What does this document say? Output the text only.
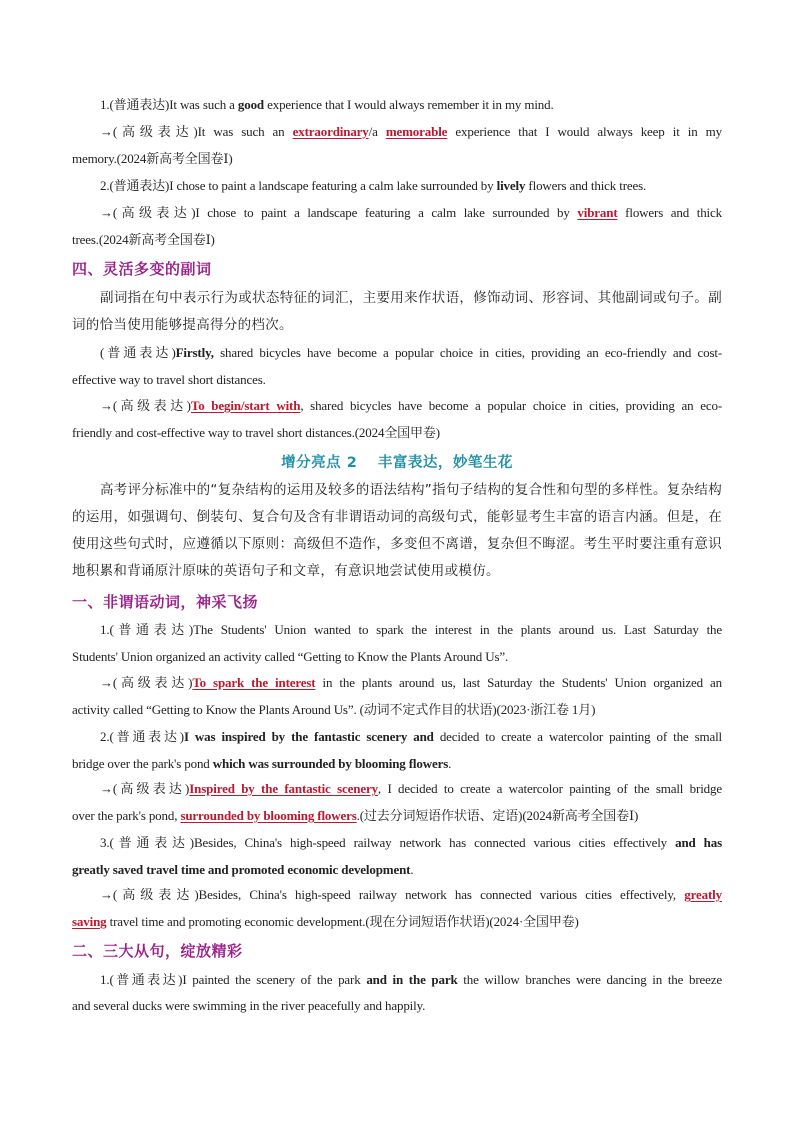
1.(普通表达)It was such a good experience that I would always remember it in my mind.
→(高级表达)It was such an extraordinary/a memorable experience that I would always keep it in my
memory.(2024新高考全国卷Ⅰ)
2.(普通表达)I chose to paint a landscape featuring a calm lake surrounded by lively flowers and thick trees.
→(高级表达)I chose to paint a landscape featuring a calm lake surrounded by vibrant flowers and thick
trees.(2024新高考全国卷Ⅰ)
四、灵活多变的副词
副词指在句中表示行为或状态特征的词汇，主要用来作状语，修饰动词、形容词、其他副词或句子。副词的恰当使用能够提高得分的档次。
(普通表达)Firstly, shared bicycles have become a popular choice in cities, providing an eco-friendly and cost-
effective way to travel short distances.
→(高级表达)To begin/start with, shared bicycles have become a popular choice in cities, providing an eco-
friendly and cost-effective way to travel short distances.(2024全国甲卷)
增分亮点 2　 丰富表达，妙笔生花
高考评分标准中的“复杂结构的运用及较多的语法结构”指句子结构的复合性和句型的多样性。复杂结构的运用，如强调句、倒装句、复合句及含有非谓语动词的高级句式，能彰显考生丰富的语言内涵。但是，在使用这些句式时，应遵循以下原则：高级但不造作，多变但不离谱，复杂但不晦涩。考生平时要注重有意识地积累和背诵原汁原味的英语句子和文章，有意识地尝试使用或模仿。
一、非谓语动词，神采飞扬
1.(普通表达)The Students' Union wanted to spark the interest in the plants around us. Last Saturday the
Students' Union organized an activity called “Getting to Know the Plants Around Us”.
→(高级表达)To spark the interest in the plants around us, last Saturday the Students' Union organized an
activity called “Getting to Know the Plants Around Us”. (动词不定式作目的状语)(2023·浙江卷 1月)
2.(普通表达)I was inspired by the fantastic scenery and decided to create a watercolor painting of the small
bridge over the park's pond which was surrounded by blooming flowers.
→(高级表达)Inspired by the fantastic scenery, I decided to create a watercolor painting of the small bridge
over the park's pond, surrounded by blooming flowers.(过去分词短语作状语、定语)(2024新高考全国卷Ⅰ)
3.(普通表达)Besides, China's high-speed railway network has connected various cities effectively and has
greatly saved travel time and promoted economic development.
→(高级表达)Besides, China's high-speed railway network has connected various cities effectively, greatly
saving travel time and promoting economic development.(现在分词短语作状语)(2024·全国甲卷)
二、三大从句，绽放精彩
1.(普通表达)I painted the scenery of the park and in the park the willow branches were dancing in the breeze
and several ducks were swimming in the river peacefully and happily.
